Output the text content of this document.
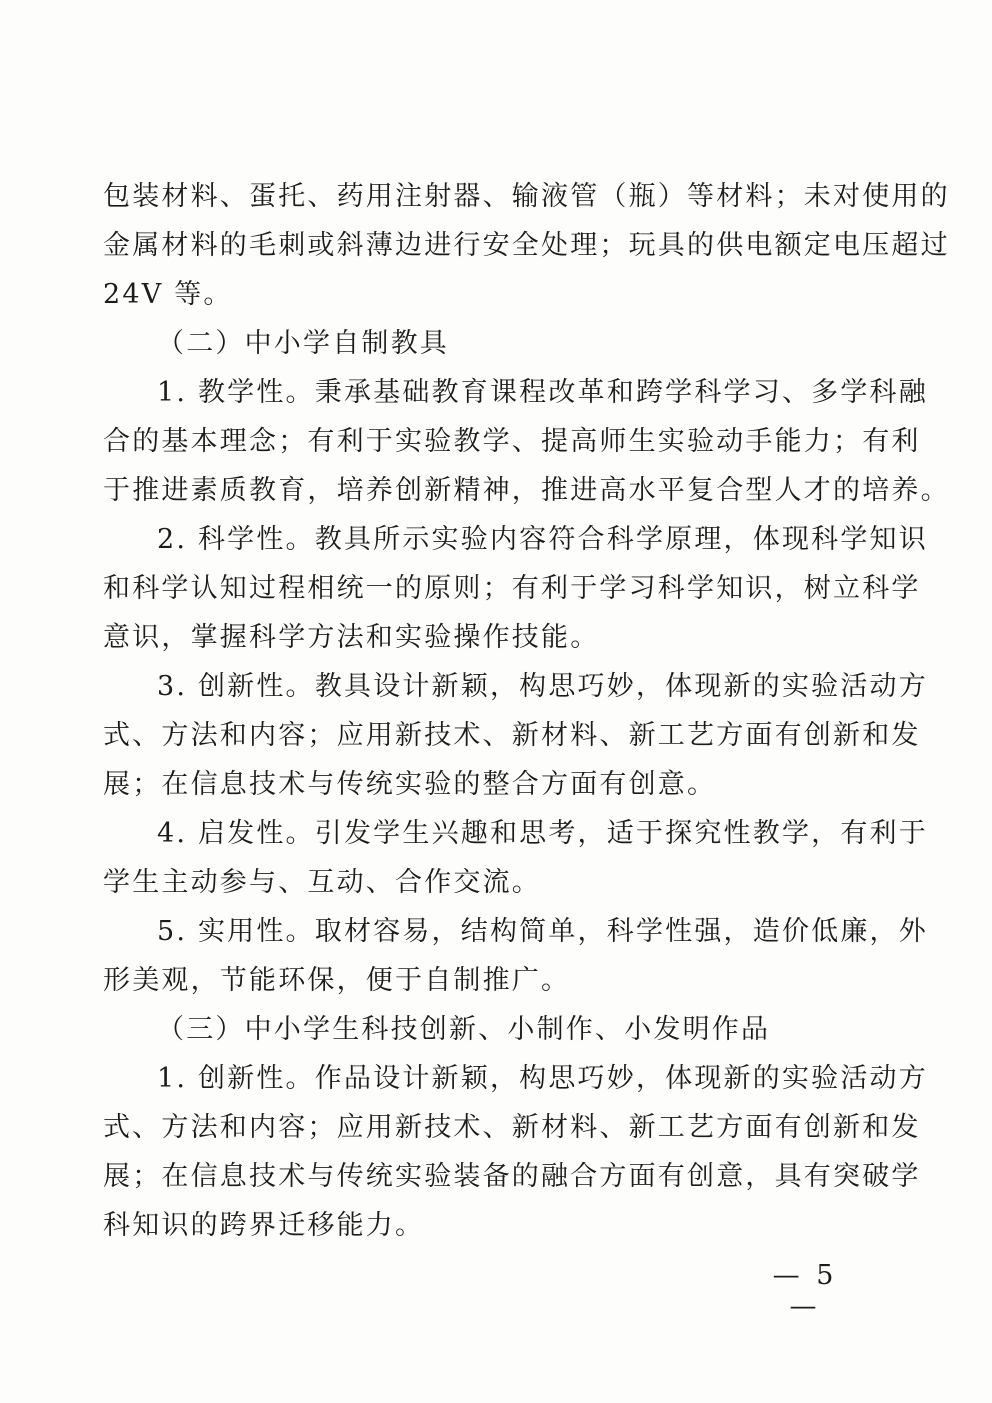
包装材料、蛋托、药用注射器、输液管（瓶）等材料；未对使用的
金属材料的毛刺或斜薄边进行安全处理；玩具的供电额定电压超过
24V 等。
（二）中小学自制教具
1. 教学性。秉承基础教育课程改革和跨学科学习、多学科融
合的基本理念；有利于实验教学、提高师生实验动手能力；有利
于推进素质教育，培养创新精神，推进高水平复合型人才的培养。
2. 科学性。教具所示实验内容符合科学原理，体现科学知识
和科学认知过程相统一的原则；有利于学习科学知识，树立科学
意识，掌握科学方法和实验操作技能。
3. 创新性。教具设计新颖，构思巧妙，体现新的实验活动方
式、方法和内容；应用新技术、新材料、新工艺方面有创新和发
展；在信息技术与传统实验的整合方面有创意。
4. 启发性。引发学生兴趣和思考，适于探究性教学，有利于
学生主动参与、互动、合作交流。
5. 实用性。取材容易，结构简单，科学性强，造价低廉，外
形美观，节能环保，便于自制推广。
（三）中小学生科技创新、小制作、小发明作品
1. 创新性。作品设计新颖，构思巧妙，体现新的实验活动方
式、方法和内容；应用新技术、新材料、新工艺方面有创新和发
展；在信息技术与传统实验装备的融合方面有创意，具有突破学
科知识的跨界迁移能力。
— 5 —
